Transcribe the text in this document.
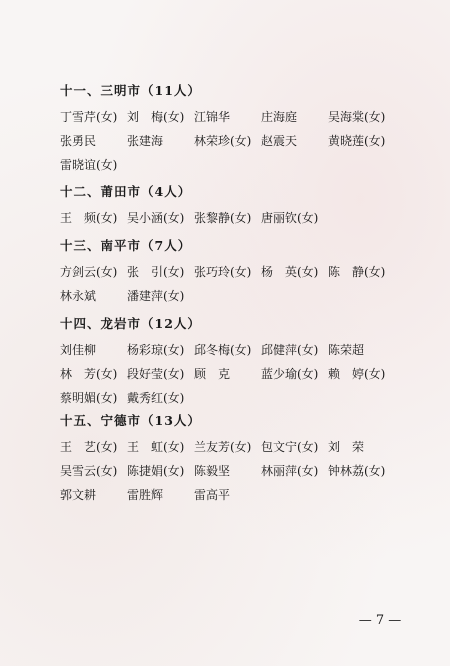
十一、三明市（11人）
丁雪芹(女) 刘　梅(女) 江锦华	庄海庭	吴海棠(女)
张勇民	张建海	林荣珍(女) 赵震天	黄晓莲(女)
雷晓谊(女)
十二、莆田市（4人）
王　频(女) 吴小涵(女) 张黎静(女) 唐丽钦(女)
十三、南平市（7人）
方剑云(女) 张　引(女) 张巧玲(女) 杨　英(女) 陈　静(女)
林永斌	潘建萍(女)
十四、龙岩市（12人）
刘佳柳	杨彩琼(女) 邱冬梅(女) 邱健萍(女) 陈荣超
林　芳(女) 段好莹(女) 顾　克	蓝少瑜(女) 赖　婷(女)
蔡明媚(女) 戴秀红(女)
十五、宁德市（13人）
王　艺(女) 王　虹(女) 兰友芳(女) 包文宁(女) 刘　荣
吴雪云(女) 陈捷娟(女) 陈毅坚	林丽萍(女) 钟林荔(女)
郭文耕	雷胜辉	雷高平
— 7 —
